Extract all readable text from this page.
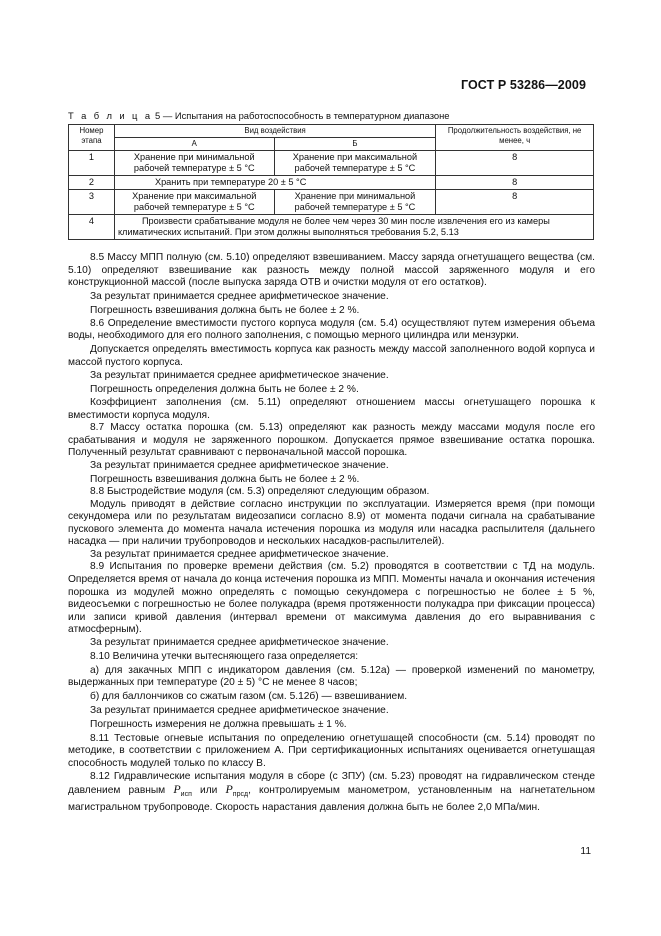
ГОСТ Р 53286—2009
Т а б л и ц а 5 — Испытания на работоспособность в температурном диапазоне
Номер этапа	Вид воздействия		Продолжительность воздействия, не менее, ч
	А	Б	
1	Хранение при минимальной рабочей температуре ± 5 °С	Хранение при максимальной рабочей температуре ± 5 °С	8
2	Хранить при температуре 20 ± 5 °С		8
3	Хранение при максимальной рабочей температуре ± 5 °С	Хранение при минимальной рабочей температуре ± 5 °С	8
4	Произвести срабатывание модуля не более чем через 30 мин после извлечения его из камеры климатических испытаний. При этом должны выполняться требования 5.2, 5.13		

8.5 Массу МПП полную (см. 5.10) определяют взвешиванием. Массу заряда огнетушащего вещества (см. 5.10) определяют взвешивание как разность между полной массой заряженного модуля и его конструкционной массой (после выпуска заряда ОТВ и очистки модуля от его остатков).

За результат принимается среднее арифметическое значение.

Погрешность взвешивания должна быть не более ± 2 %.

8.6 Определение вместимости пустого корпуса модуля (см. 5.4) осуществляют путем измерения объема воды, необходимого для его полного заполнения, с помощью мерного цилиндра или мензурки.

Допускается определять вместимость корпуса как разность между массой заполненного водой корпуса и массой пустого корпуса.

За результат принимается среднее арифметическое значение.

Погрешность определения должна быть не более ± 2 %.

Коэффициент заполнения (см. 5.11) определяют отношением массы огнетушащего порошка к вместимости корпуса модуля.

8.7 Массу остатка порошка (см. 5.13) определяют как разность между массами модуля после его срабатывания и модуля не заряженного порошком. Допускается прямое взвешивание остатка порошка. Полученный результат сравнивают с первоначальной массой порошка.

За результат принимается среднее арифметическое значение.

Погрешность взвешивания должна быть не более ± 2 %.

8.8 Быстродействие модуля (см. 5.3) определяют следующим образом.

Модуль приводят в действие согласно инструкции по эксплуатации. Измеряется время (при помощи секундомера или по результатам видеозаписи согласно 8.9) от момента подачи сигнала на срабатывание пускового элемента до момента начала истечения порошка из модуля или насадка распылителя (дальнего насадка — при наличии трубопроводов и нескольких насадков-распылителей).

За результат принимается среднее арифметическое значение.

8.9 Испытания по проверке времени действия (см. 5.2) проводятся в соответствии с ТД на модуль. Определяется время от начала до конца истечения порошка из МПП. Моменты начала и окончания истечения порошка из модулей можно определять с помощью секундомера с погрешностью не более ± 5 %, видеосъемки с погрешностью не более полукадра (время протяженности полукадра при фиксации процесса) или записи кривой давления (интервал времени от максимума давления до его выравнивания с атмосферным).

За результат принимается среднее арифметическое значение.

8.10 Величина утечки вытесняющего газа определяется:

а) для закачных МПП с индикатором давления (см. 5.12а) — проверкой изменений по манометру, выдержанных при температуре (20 ± 5) °С не менее 8 часов;

б) для баллончиков со сжатым газом (см. 5.12б) — взвешиванием.

За результат принимается среднее арифметическое значение.

Погрешность измерения не должна превышать ± 1 %.

8.11 Тестовые огневые испытания по определению огнетушащей способности (см. 5.14) проводят по методике, в соответствии с приложением А. При сертификационных испытаниях оценивается огнетушащая способность модулей только по классу В.

8.12 Гидравлические испытания модуля в сборе (с ЗПУ) (см. 5.23) проводят на гидравлическом стенде давлением равным $P_{исп}$ или $P_{прсд}$, контролируемым манометром, установленным на нагнетательном магистральном трубопроводе. Скорость нарастания давления должна быть не более 2,0 МПа/мин.

11
